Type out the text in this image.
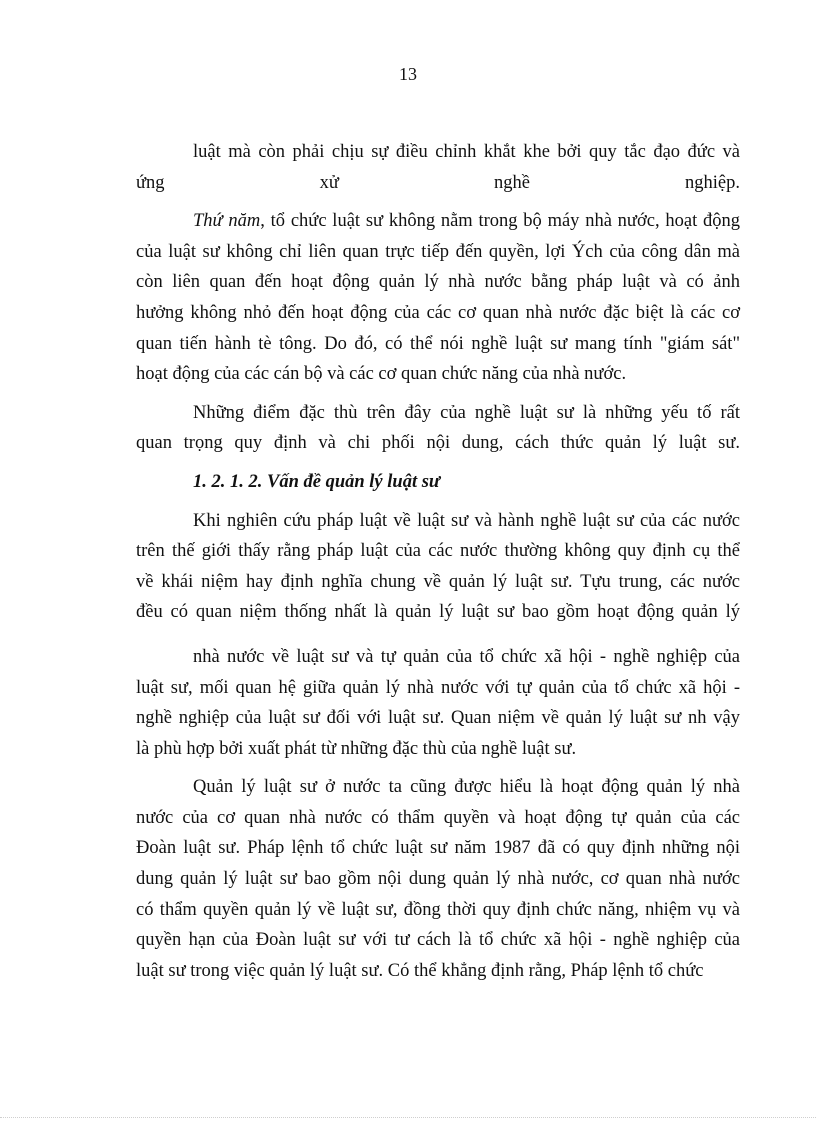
13
luật mà còn phải chịu sự điều chỉnh khắt khe bởi quy tắc đạo đức và
ứng xử nghề nghiệp.
Thứ năm, tổ chức luật sư không nằm trong bộ máy nhà nước, hoạt động
của luật sư không chỉ liên quan trực tiếp đến quyền, lợi Ých của công dân mà
còn liên quan đến hoạt động quản lý nhà nước bằng pháp luật và có ảnh
hưởng không nhỏ đến hoạt động của các cơ quan nhà nước đặc biệt là các cơ
quan tiến hành tè tông. Do đó, có thể nói nghề luật sư mang tính "giám sát"
hoạt động của các cán bộ và các cơ quan chức năng của nhà nước.
Những điểm đặc thù trên đây của nghề luật sư là những yếu tố rất
quan trọng quy định và chi phối nội dung, cách thức quản lý luật sư.
1. 2. 1. 2. Vấn đề quản lý luật sư
Khi nghiên cứu pháp luật về luật sư và hành nghề luật sư của các nước
trên thế giới thấy rằng pháp luật của các nước thường không quy định cụ thể
về khái niệm hay định nghĩa chung về quản lý luật sư. Tựu trung, các nước
đều có quan niệm thống nhất là quản lý luật sư bao gồm hoạt động quản lý
nhà nước về luật sư và tự quản của tổ chức xã hội - nghề nghiệp của
luật sư, mối quan hệ giữa quản lý nhà nước với tự quản của tổ chức xã hội -
nghề nghiệp của luật sư đối với luật sư. Quan niệm về quản lý luật sư nh vậy
là phù hợp bởi xuất phát từ những đặc thù của nghề luật sư.
Quản lý luật sư ở nước ta cũng được hiểu là hoạt động quản lý nhà
nước của cơ quan nhà nước có thẩm quyền và hoạt động tự quản của các
Đoàn luật sư. Pháp lệnh tổ chức luật sư năm 1987 đã có quy định những nội
dung quản lý luật sư bao gồm nội dung quản lý nhà nước, cơ quan nhà nước
có thẩm quyền quản lý về luật sư, đồng thời quy định chức năng, nhiệm vụ và
quyền hạn của Đoàn luật sư với tư cách là tổ chức xã hội - nghề nghiệp của
luật sư trong việc quản lý luật sư. Có thể khẳng định rằng, Pháp lệnh tổ chức
